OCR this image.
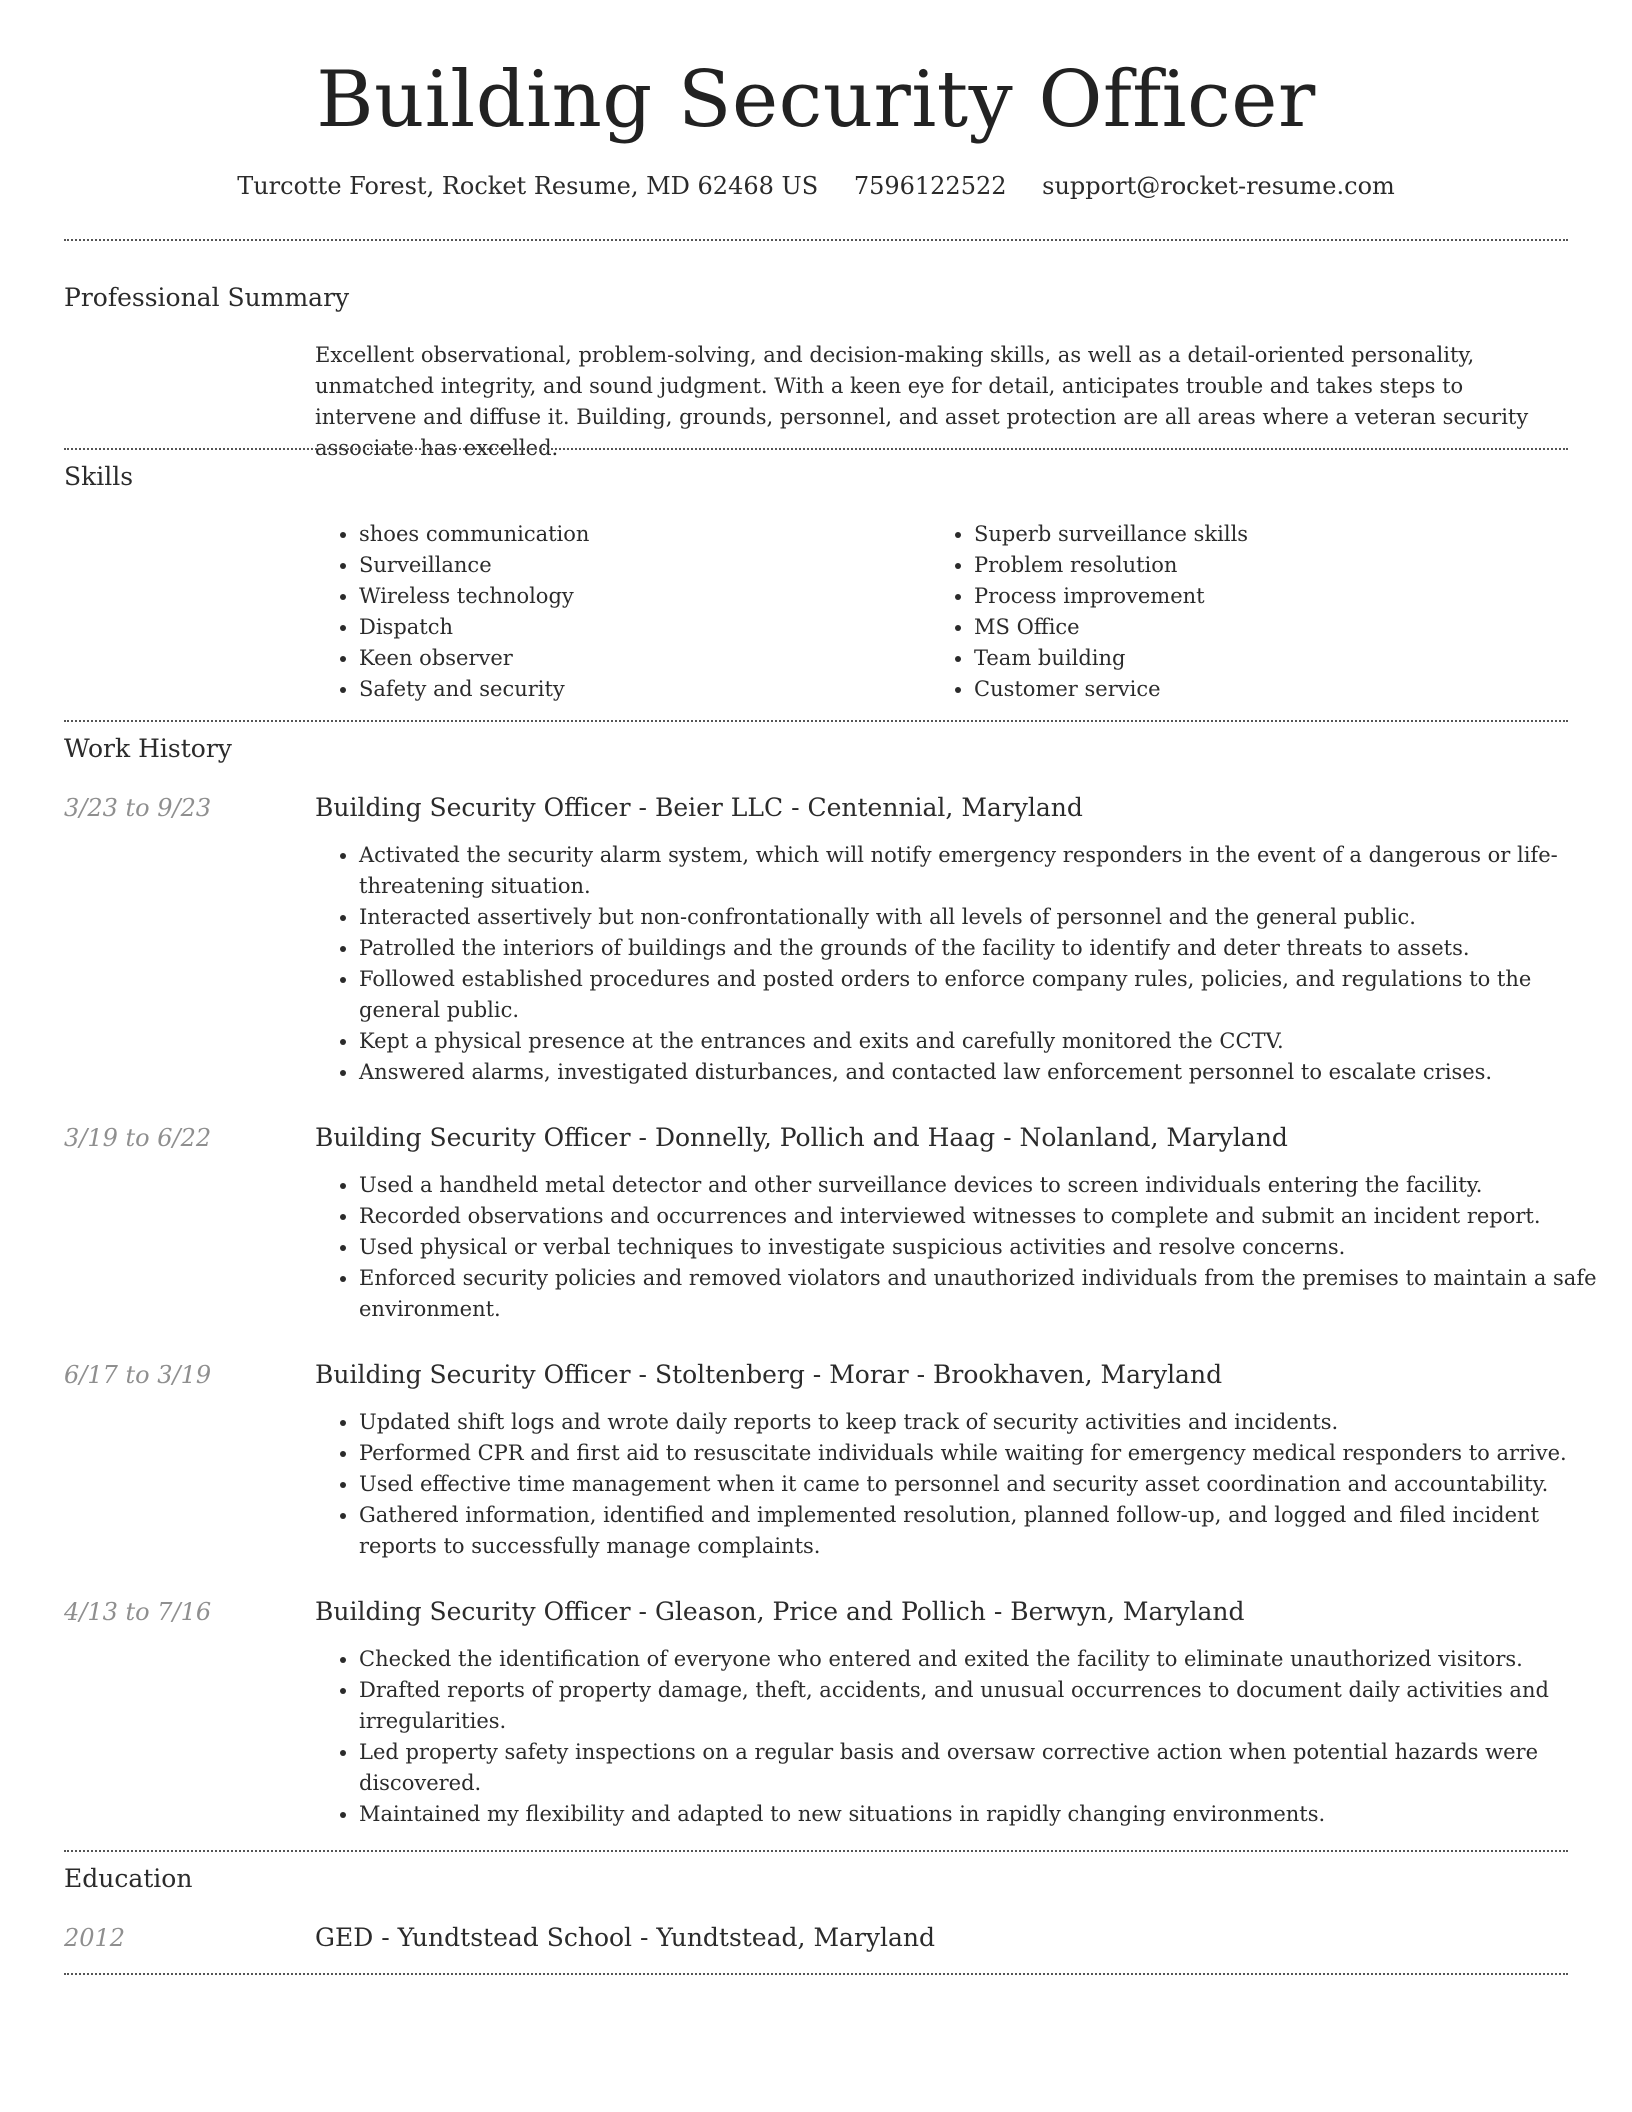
Building Security Officer
Turcotte Forest, Rocket Resume, MD 62468 US 7596122522 support@rocket-resume.com
Professional Summary

Excellent observational, problem-solving, and decision-making skills, as well as a detail-oriented personality, unmatched integrity, and sound judgment. With a keen eye for detail, anticipates trouble and takes steps to intervene and diffuse it. Building, grounds, personnel, and asset protection are all areas where a veteran security associate has excelled.

Skills
• shoes communication
• Surveillance
• Wireless technology
• Dispatch
• Keen observer
• Safety and security
• Superb surveillance skills
• Problem resolution
• Process improvement
• MS Office
• Team building
• Customer service
Work History
3/23 to 9/23	Building Security Officer - Beier LLC - Centennial, Maryland
• Activated the security alarm system, which will notify emergency responders in the event of a dangerous or life-threatening situation.
• Interacted assertively but non-confrontationally with all levels of personnel and the general public.
• Patrolled the interiors of buildings and the grounds of the facility to identify and deter threats to assets.
• Followed established procedures and posted orders to enforce company rules, policies, and regulations to the general public.
• Kept a physical presence at the entrances and exits and carefully monitored the CCTV.
• Answered alarms, investigated disturbances, and contacted law enforcement personnel to escalate crises.
3/19 to 6/22	Building Security Officer - Donnelly, Pollich and Haag - Nolanland, Maryland
• Used a handheld metal detector and other surveillance devices to screen individuals entering the facility.
• Recorded observations and occurrences and interviewed witnesses to complete and submit an incident report.
• Used physical or verbal techniques to investigate suspicious activities and resolve concerns.
• Enforced security policies and removed violators and unauthorized individuals from the premises to maintain a safe environment.
6/17 to 3/19	Building Security Officer - Stoltenberg - Morar - Brookhaven, Maryland
• Updated shift logs and wrote daily reports to keep track of security activities and incidents.
• Performed CPR and first aid to resuscitate individuals while waiting for emergency medical responders to arrive.
• Used effective time management when it came to personnel and security asset coordination and accountability.
• Gathered information, identified and implemented resolution, planned follow-up, and logged and filed incident reports to successfully manage complaints.
4/13 to 7/16	Building Security Officer - Gleason, Price and Pollich - Berwyn, Maryland
• Checked the identification of everyone who entered and exited the facility to eliminate unauthorized visitors.
• Drafted reports of property damage, theft, accidents, and unusual occurrences to document daily activities and irregularities.
• Led property safety inspections on a regular basis and oversaw corrective action when potential hazards were discovered.
• Maintained my flexibility and adapted to new situations in rapidly changing environments.
Education
2012	GED - Yundtstead School - Yundtstead, Maryland
